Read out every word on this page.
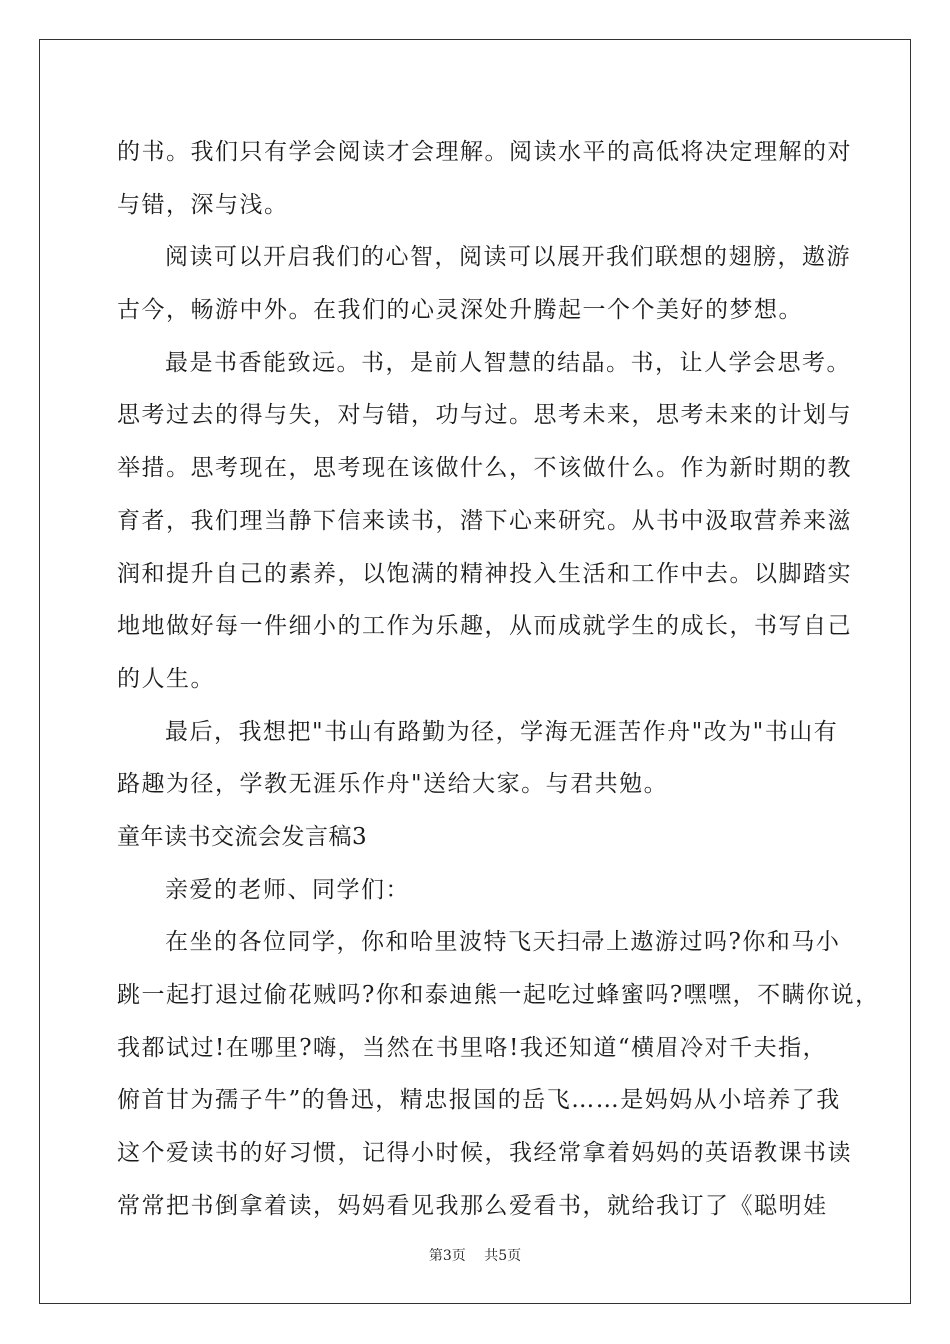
的书。我们只有学会阅读才会理解。阅读水平的高低将决定理解的对
与错，深与浅。
阅读可以开启我们的心智，阅读可以展开我们联想的翅膀，遨游
古今，畅游中外。在我们的心灵深处升腾起一个个美好的梦想。
最是书香能致远。书，是前人智慧的结晶。书，让人学会思考。
思考过去的得与失，对与错，功与过。思考未来，思考未来的计划与
举措。思考现在，思考现在该做什么，不该做什么。作为新时期的教
育者，我们理当静下信来读书，潜下心来研究。从书中汲取营养来滋
润和提升自己的素养，以饱满的精神投入生活和工作中去。以脚踏实
地地做好每一件细小的工作为乐趣，从而成就学生的成长，书写自己
的人生。
最后，我想把"书山有路勤为径，学海无涯苦作舟"改为"书山有
路趣为径，学教无涯乐作舟"送给大家。与君共勉。
童年读书交流会发言稿3
亲爱的老师、同学们：
在坐的各位同学，你和哈里波特飞天扫帚上遨游过吗?你和马小
跳一起打退过偷花贼吗?你和泰迪熊一起吃过蜂蜜吗?嘿嘿，不瞒你说，
我都试过!在哪里?嗨，当然在书里咯!我还知道“横眉冷对千夫指，
俯首甘为孺子牛”的鲁迅，精忠报国的岳飞……是妈妈从小培养了我
这个爱读书的好习惯，记得小时候，我经常拿着妈妈的英语教课书读
常常把书倒拿着读，妈妈看见我那么爱看书，就给我订了《聪明娃
第3页 共5页
